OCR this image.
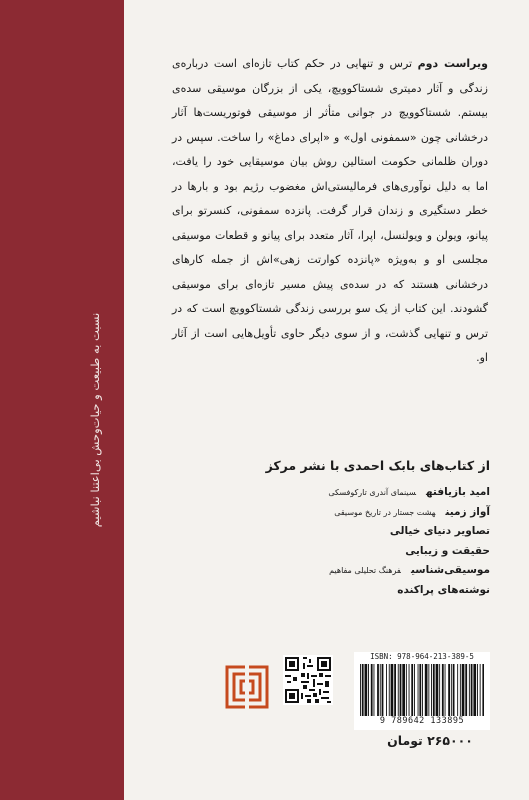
نسبت به طبیعت و حیات‌وحش بی‌اعتنا نباشیم

ویراست دوم ترس و تنهایی در حکم کتاب تازه‌ای است درباره‌ی زندگی و آثار دمیتری شستاکوویچ، یکی از بزرگان موسیقی سده‌ی بیستم. شستاکوویچ در جوانی متأثر از موسیقی فوتوریست‌ها آثار درخشانی چون «سمفونی اول» و «اپرای دماغ» را ساخت. سپس در دوران ظلمانی حکومت استالین روش بیان موسیقایی خود را یافت، اما به دلیل نوآوری‌های فرمالیستی‌اش مغضوب رژیم بود و بارها در خطر دستگیری و زندان قرار گرفت. پانزده سمفونی، کنسرتو برای پیانو، ویولن و ویولنسل، اپرا، آثار متعدد برای پیانو و قطعات موسیقی مجلسی او و به‌ویژه «پانزده کوارتت زهی»اش از جمله کارهای درخشانی هستند که در سده‌ی پیش مسیر تازه‌ای برای موسیقی گشودند. این کتاب از یک سو بررسی زندگی شستاکوویچ است که در ترس و تنهایی گذشت، و از سوی دیگر حاوی تأویل‌هایی است از آثار او.

از کتاب‌های بابک احمدی با نشر مرکز
امید بازیافتهسینمای آندری تارکوفسکی
آواز زمینهشت جستار در تاریخ موسیقی
تصاویر دنیای خیالی
حقیقت و زیبایی
موسیقی‌شناسیفرهنگ تحلیلی مفاهیم
نوشته‌های پراکنده
ISBN: 978-964-213-389-5
9 789642 133895
۲۶۵۰۰۰ تومان
